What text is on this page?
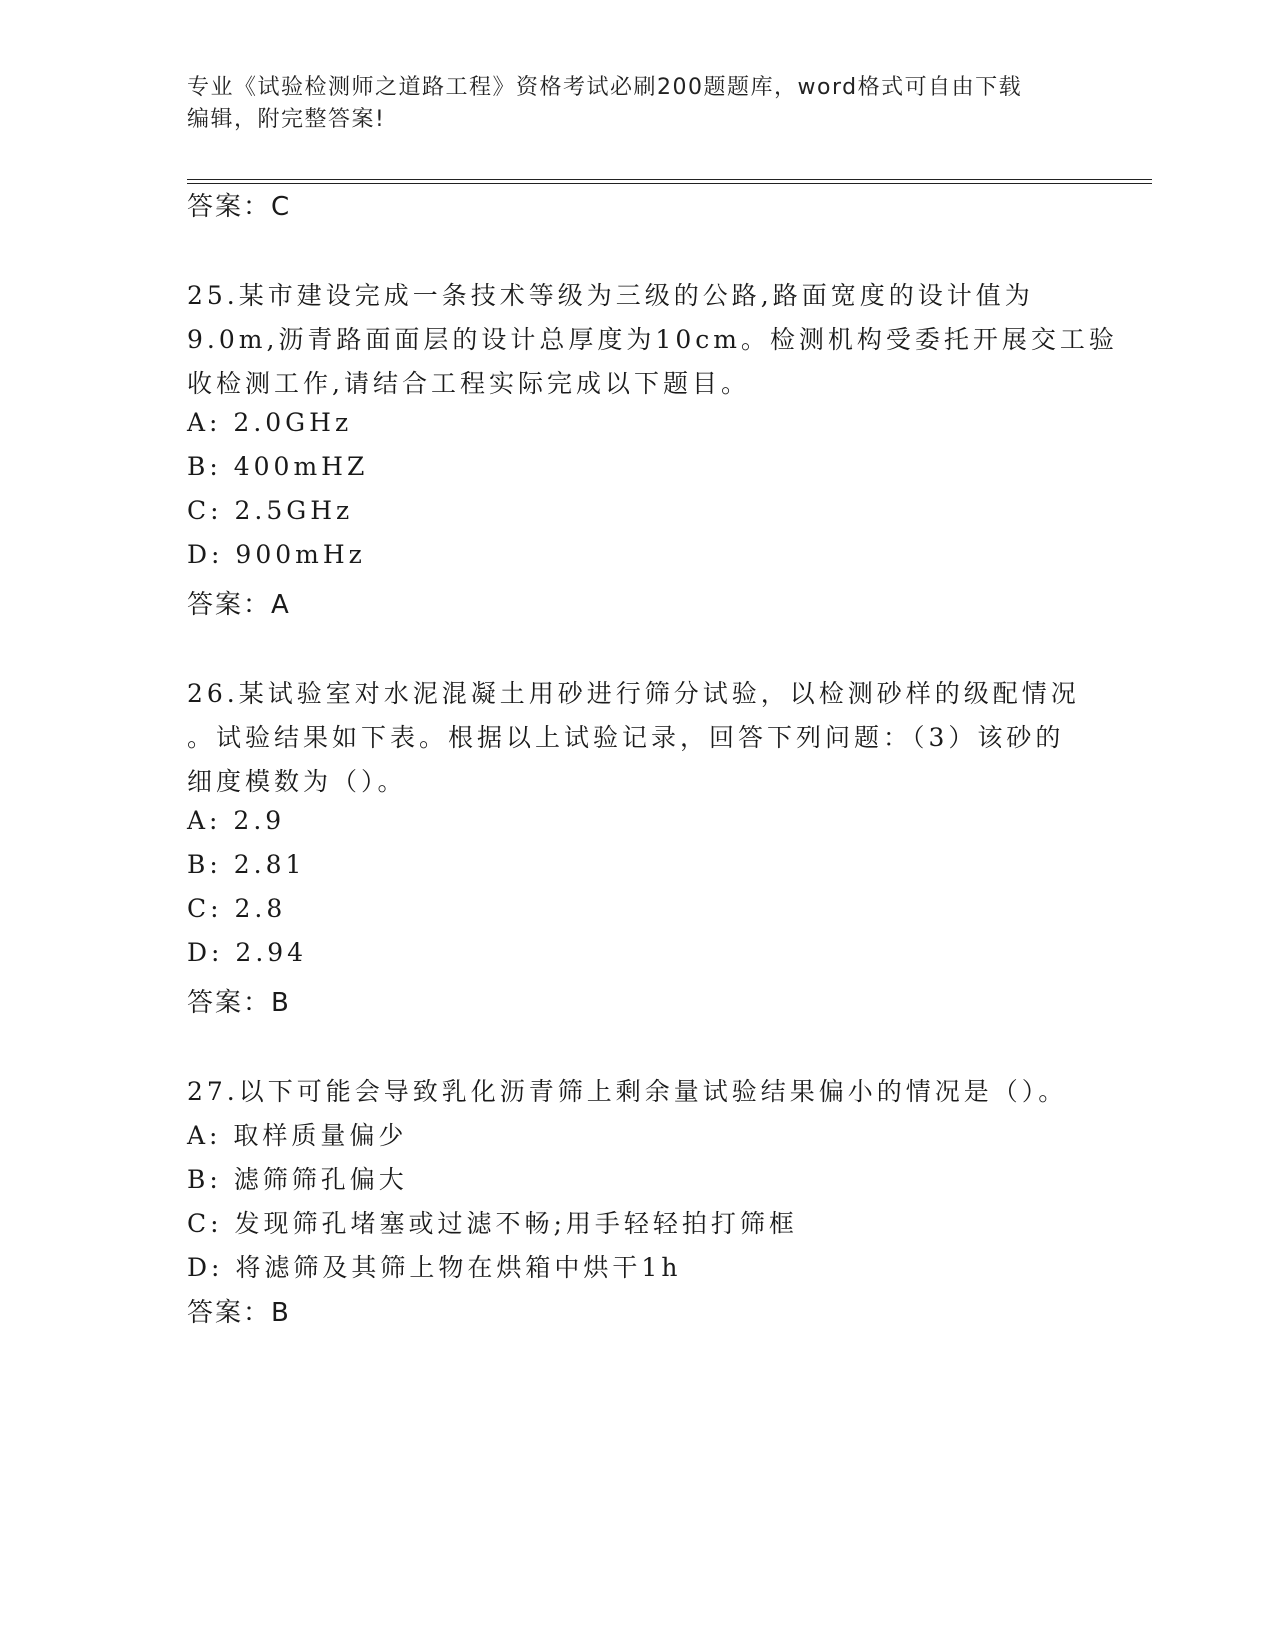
专业《试验检测师之道路工程》资格考试必刷200题题库，word格式可自由下载
编辑，附完整答案!
答案：C
25.某市建设完成一条技术等级为三级的公路,路面宽度的设计值为
9.0m,沥青路面面层的设计总厚度为10cm。检测机构受委托开展交工验
收检测工作,请结合工程实际完成以下题目。
A: 2.0GHz
B: 400mHZ
C: 2.5GHz
D: 900mHz
答案：A
26.某试验室对水泥混凝土用砂进行筛分试验，以检测砂样的级配情况
。试验结果如下表。根据以上试验记录，回答下列问题：（3）该砂的
细度模数为（）。
A: 2.9
B: 2.81
C: 2.8
D: 2.94
答案：B
27.以下可能会导致乳化沥青筛上剩余量试验结果偏小的情况是（）。
A: 取样质量偏少
B: 滤筛筛孔偏大
C: 发现筛孔堵塞或过滤不畅;用手轻轻拍打筛框
D: 将滤筛及其筛上物在烘箱中烘干1h
答案：B
